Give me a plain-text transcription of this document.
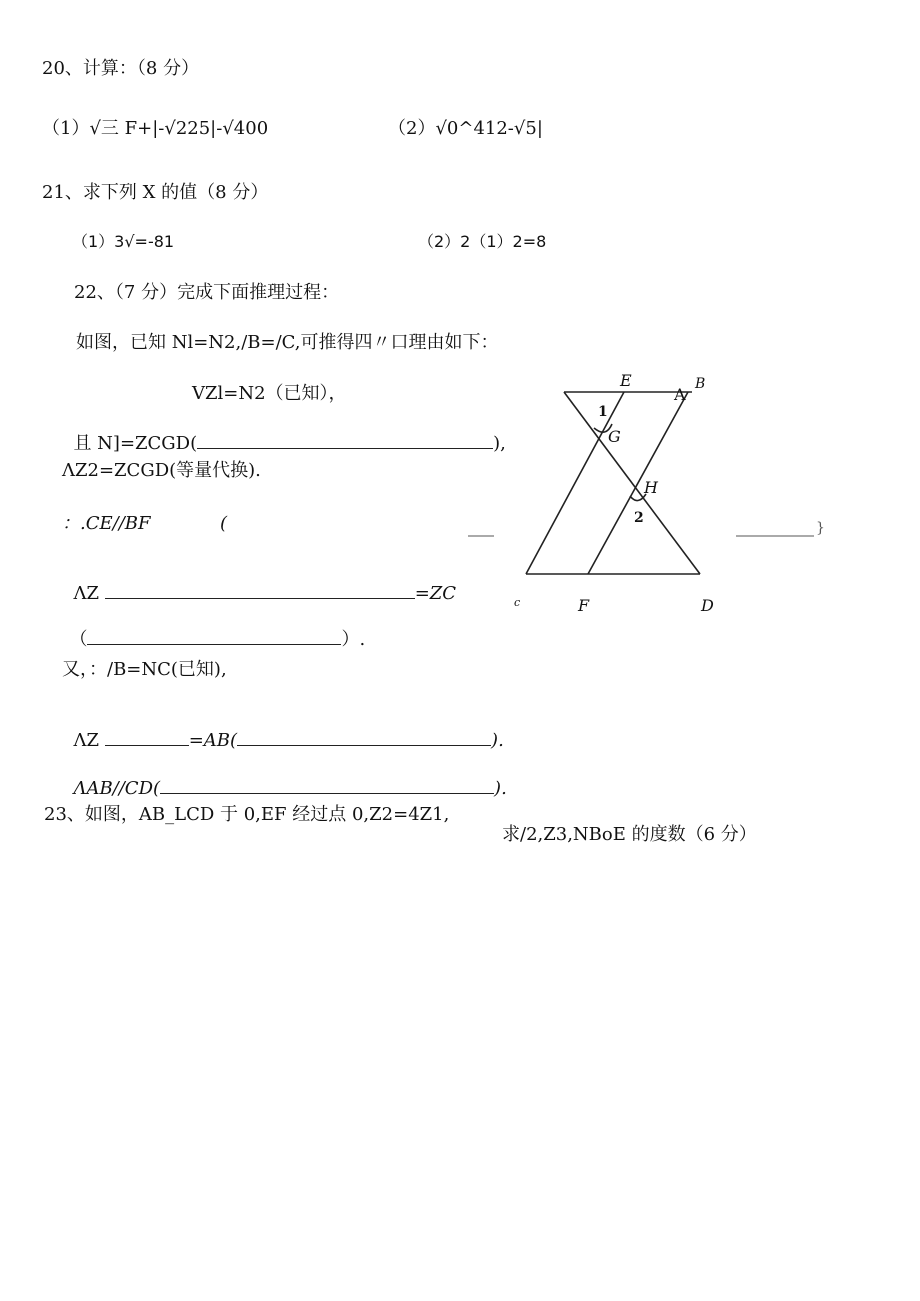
20、计算：（8 分）
（1）√三 F+|-√225|-√400	（2）√0^412-√5|
21、求下列 X 的值（8 分）
（1）3√=-81	（2）2（1）2=8
22、（7 分）完成下面推理过程：
如图，已知 Nl=N2,/B=/C,可推得四〃口理由如下：
VZl=N2（已知），

且 N]=ZCGD(	),

ΛZ2=ZCGD(等量代换).
：.CE//BF	(

ΛZ	=ZC

（	）.

又，：/B=NC(已知),

ΛZ	=AB(	).

ΛAB//CD(	).

}
E
A
B
1
G
H
2
c	F	D
23、如图，AB_LCD 于 0,EF 经过点 0,Z2=4Z1,
求/2,Z3,NBoE 的度数（6 分）
